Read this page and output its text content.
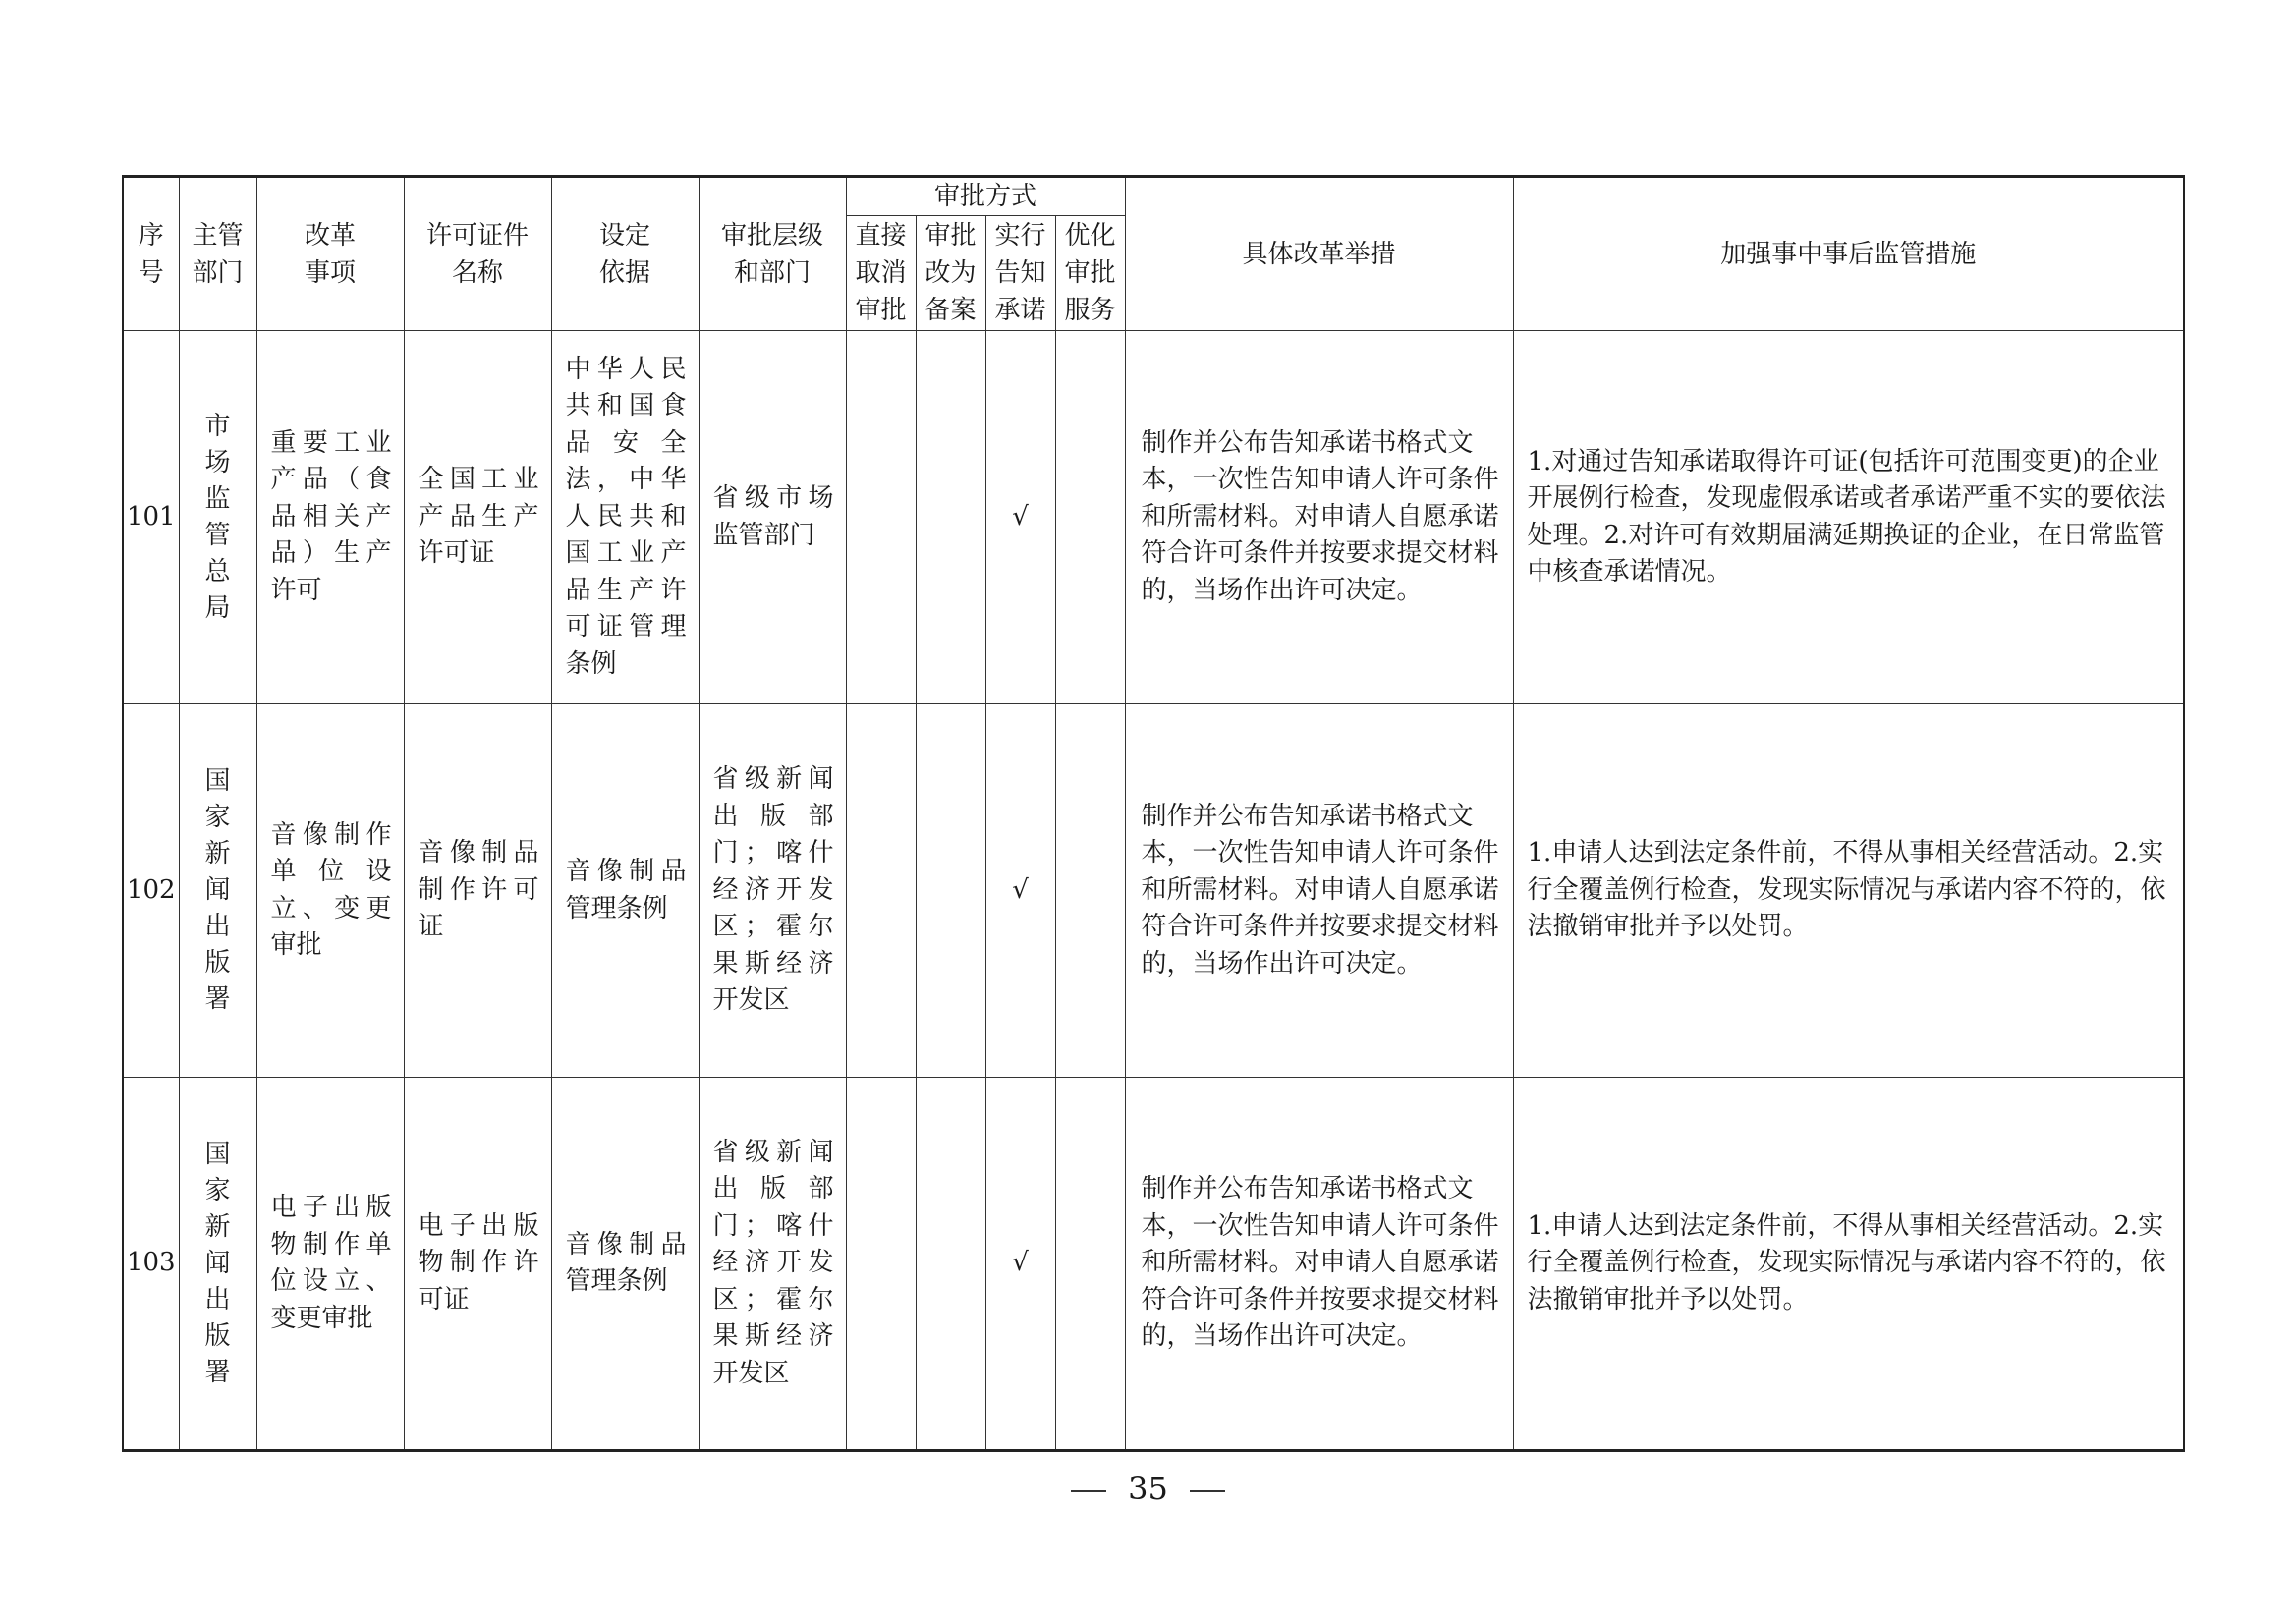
序号	主管部门	改革事项	许可证件名称	设定依据	审批层级和部门	审批方式				具体改革举措	加强事中事后监管措施

						直接取消审批	审批改为备案	实行告知承诺	优化审批服务		

101	市场监管总局	重要工业产品（食品相关产品）生产许可	全国工业产品生产许可证	中华人民共和国食品安全法，中华人民共和国工业产品生产许可证管理条例	省级市场监管部门			√		制作并公布告知承诺书格式文本，一次性告知申请人许可条件和所需材料。对申请人自愿承诺符合许可条件并按要求提交材料的，当场作出许可决定。	1.对通过告知承诺取得许可证(包括许可范围变更)的企业开展例行检查，发现虚假承诺或者承诺严重不实的要依法处理。2.对许可有效期届满延期换证的企业，在日常监管中核查承诺情况。
102	国家新闻出版署	音像制作单位设立、变更审批	音像制品制作许可证	音像制品管理条例	省级新闻出版部门；喀什经济开发区；霍尔果斯经济开发区			√		制作并公布告知承诺书格式文本，一次性告知申请人许可条件和所需材料。对申请人自愿承诺符合许可条件并按要求提交材料的，当场作出许可决定。	1.申请人达到法定条件前，不得从事相关经营活动。2.实行全覆盖例行检查，发现实际情况与承诺内容不符的，依法撤销审批并予以处罚。
103	国家新闻出版署	电子出版物制作单位设立、变更审批	电子出版物制作许可证	音像制品管理条例	省级新闻出版部门；喀什经济开发区；霍尔果斯经济开发区			√		制作并公布告知承诺书格式文本，一次性告知申请人许可条件和所需材料。对申请人自愿承诺符合许可条件并按要求提交材料的，当场作出许可决定。	1.申请人达到法定条件前，不得从事相关经营活动。2.实行全覆盖例行检查，发现实际情况与承诺内容不符的，依法撤销审批并予以处罚。
35
